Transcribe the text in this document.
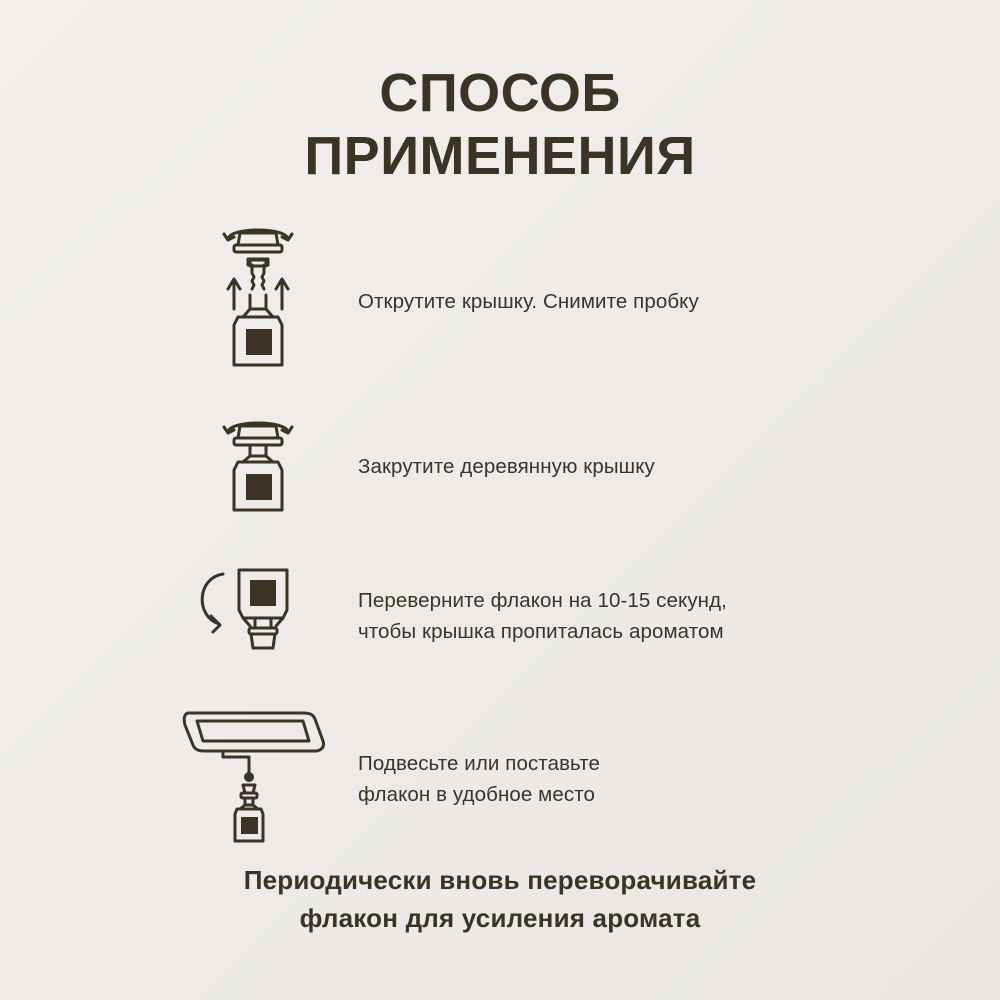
СПОСОБ
ПРИМЕНЕНИЯ
Открутите крышку. Снимите пробку
Закрутите деревянную крышку
Переверните флакон на 10-15 секунд,
чтобы крышка пропиталась ароматом
Подвесьте или поставьте
флакон в удобное место
Периодически вновь переворачивайте
флакон для усиления аромата
